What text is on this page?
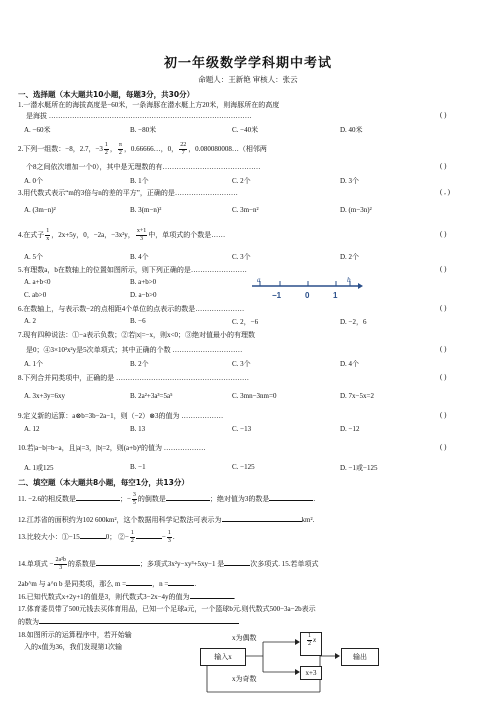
初一年级数学学科期中考试
命题人：王新艳 审核人：张云
一、选择题（本大题共10小题，每题3分，共30分）
1.一潜水艇所在的海拔高度是−60米，一条海豚在潜水艇上方20米，则海豚所在的高度
是海拔 ……………………………………………………………………………	( )
A. −60米	B. −80米	C. −40米	D. 40米
2.下列一组数：−8，2.7，$-3 \frac{1}{2}$ ， $\frac{\pi}{2}$ ，0.66666…，0， $\frac{22}{7}$ ，0.080080008…（相邻两
个8之间依次增加一个0），其中是无理数的有……………………………………	( )
A. 0个	B. 1个	C. 2个	D. 3个
3.用代数式表示“m的3倍与n的差的平方”，正确的是………………………	( , )
A. (3m−n)²	B. 3(m−n)²	C. 3m−n²	D. (m−3n)²
4.在式子 $\frac{1}{x}$ ，2x+5y，0，−2a，−3x²y， $\frac{x+1}{3}$ 中，单项式的个数是……	( )
A. 5个	B. 4个	C. 3个	D. 2个
5.有理数a，b在数轴上的位置如图所示，则下列正确的是……………………	( )
A. a+b<0	B. a+b>0
C. ab>0	D. a−b>0
a
−1	0	1
b
6.在数轴上，与表示数−2的点相距4个单位的点表示的数是…………………	( )
A. 2	B. −6	C. 2，−6	D. −2，6
7.现有四种说法：①−a表示负数；②若|x|=−x，则x<0；③绝对值最小的有理数
是0；④3×10²x²y是5次单项式；其中正确的个数 …………………………	( )
A. 1个	B. 2个	C. 3个	D. 4个
8.下列合并同类项中，正确的是 …………………………………………………	( )
A. 3x+3y=6xy	B. 2a²+3a³=5a⁵	C. 3mn−3nm=0	D. 7x−5x=2
9.定义新的运算：a⊗b=3b−2a−1，则（−2）⊗3的值为 ………………	( )
A. 12	B. 13	C. −13	D. −12
10.若|a−b|=b−a，且|a|=3，|b|=2，则(a+b)³的值为 ………………	( )
A. 1或125	B. −1	C. −125	D. −1或−125
二、填空题（本大题共8小题，每空1分，共13分）
11. −2.6的相反数是	；− $\frac{3}{5}$ 的倒数是	；绝对值为3的数是	.
12.江苏省的面积约为102 600km²，这个数据用科学记数法可表示为	km².
13.比较大小：①−15	0； ②− $\frac{1}{2}$	− $\frac{1}{3}$ .
14.单项式 − $\frac{\text{2a²b}}{3}$ 的系数是	；多项式3x²y−xy³+5xy−1 是	次多项式. 15.若单项式
2ab^m 与 a^n b 是同类项，那么 m =	，n =	.
16.已知代数式x+2y+1的值是3，则代数式3−2x−4y的值为	.
17.体育委员带了500元钱去买体育用品，已知一个足球a元，一个篮球b元.则代数式500−3a−2b表示
的数为
18.如图所示的运算程序中，若开始输
入的x值为36，我们发现第1次输
输入x
x为偶数	$\frac{1}{2}$ x
x为奇数
x+3
输出
